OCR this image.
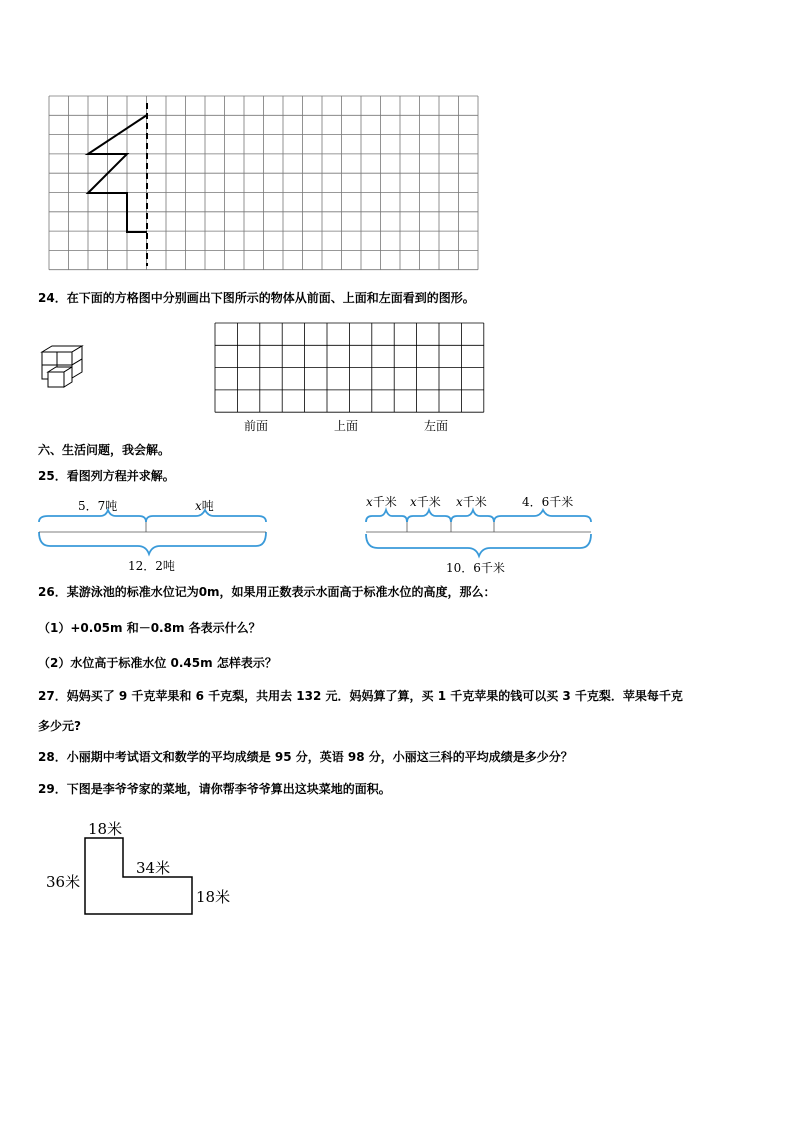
24．在下面的方格图中分别画出下图所示的物体从前面、上面和左面看到的图形。
前面	上面	左面
六、生活问题，我会解。
25．看图列方程并求解。
5．7吨	x吨
12．2吨
x千米 x千米 x千米	4．6千米
10．6千米
26．某游泳池的标准水位记为0m，如果用正数表示水面高于标准水位的高度，那么：
（1）+0.05m 和－0.8m 各表示什么？
（2）水位高于标准水位 0.45m 怎样表示？
27．妈妈买了 9 千克苹果和 6 千克梨，共用去 132 元．妈妈算了算，买 1 千克苹果的钱可以买 3 千克梨．苹果每千克
多少元?
28．小丽期中考试语文和数学的平均成绩是 95 分，英语 98 分，小丽这三科的平均成绩是多少分？
29．下图是李爷爷家的菜地，请你帮李爷爷算出这块菜地的面积。
18米
36米
34米
18米
